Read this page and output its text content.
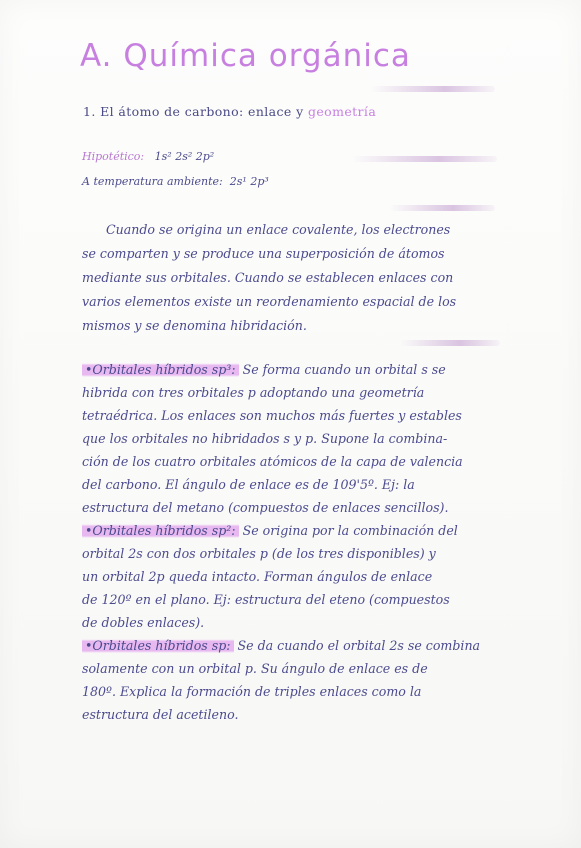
A. Química orgánica
1. El átomo de carbono: enlace y geometría
Hipotético: 1s² 2s² 2p²
A temperatura ambiente: 2s¹ 2p³
Cuando se origina un enlace covalente, los electrones
se comparten y se produce una superposición de átomos
mediante sus orbitales. Cuando se establecen enlaces con
varios elementos existe un reordenamiento espacial de los
mismos y se denomina hibridación.
•Orbitales híbridos sp³: Se forma cuando un orbital s se
hibrida con tres orbitales p adoptando una geometría
tetraédrica. Los enlaces son muchos más fuertes y estables
que los orbitales no hibridados s y p. Supone la combina-
ción de los cuatro orbitales atómicos de la capa de valencia
del carbono. El ángulo de enlace es de 109'5º. Ej: la
estructura del metano (compuestos de enlaces sencillos).
•Orbitales híbridos sp²: Se origina por la combinación del
orbital 2s con dos orbitales p (de los tres disponibles) y
un orbital 2p queda intacto. Forman ángulos de enlace
de 120º en el plano. Ej: estructura del eteno (compuestos
de dobles enlaces).
•Orbitales híbridos sp: Se da cuando el orbital 2s se combina
solamente con un orbital p. Su ángulo de enlace es de
180º. Explica la formación de triples enlaces como la
estructura del acetileno.
